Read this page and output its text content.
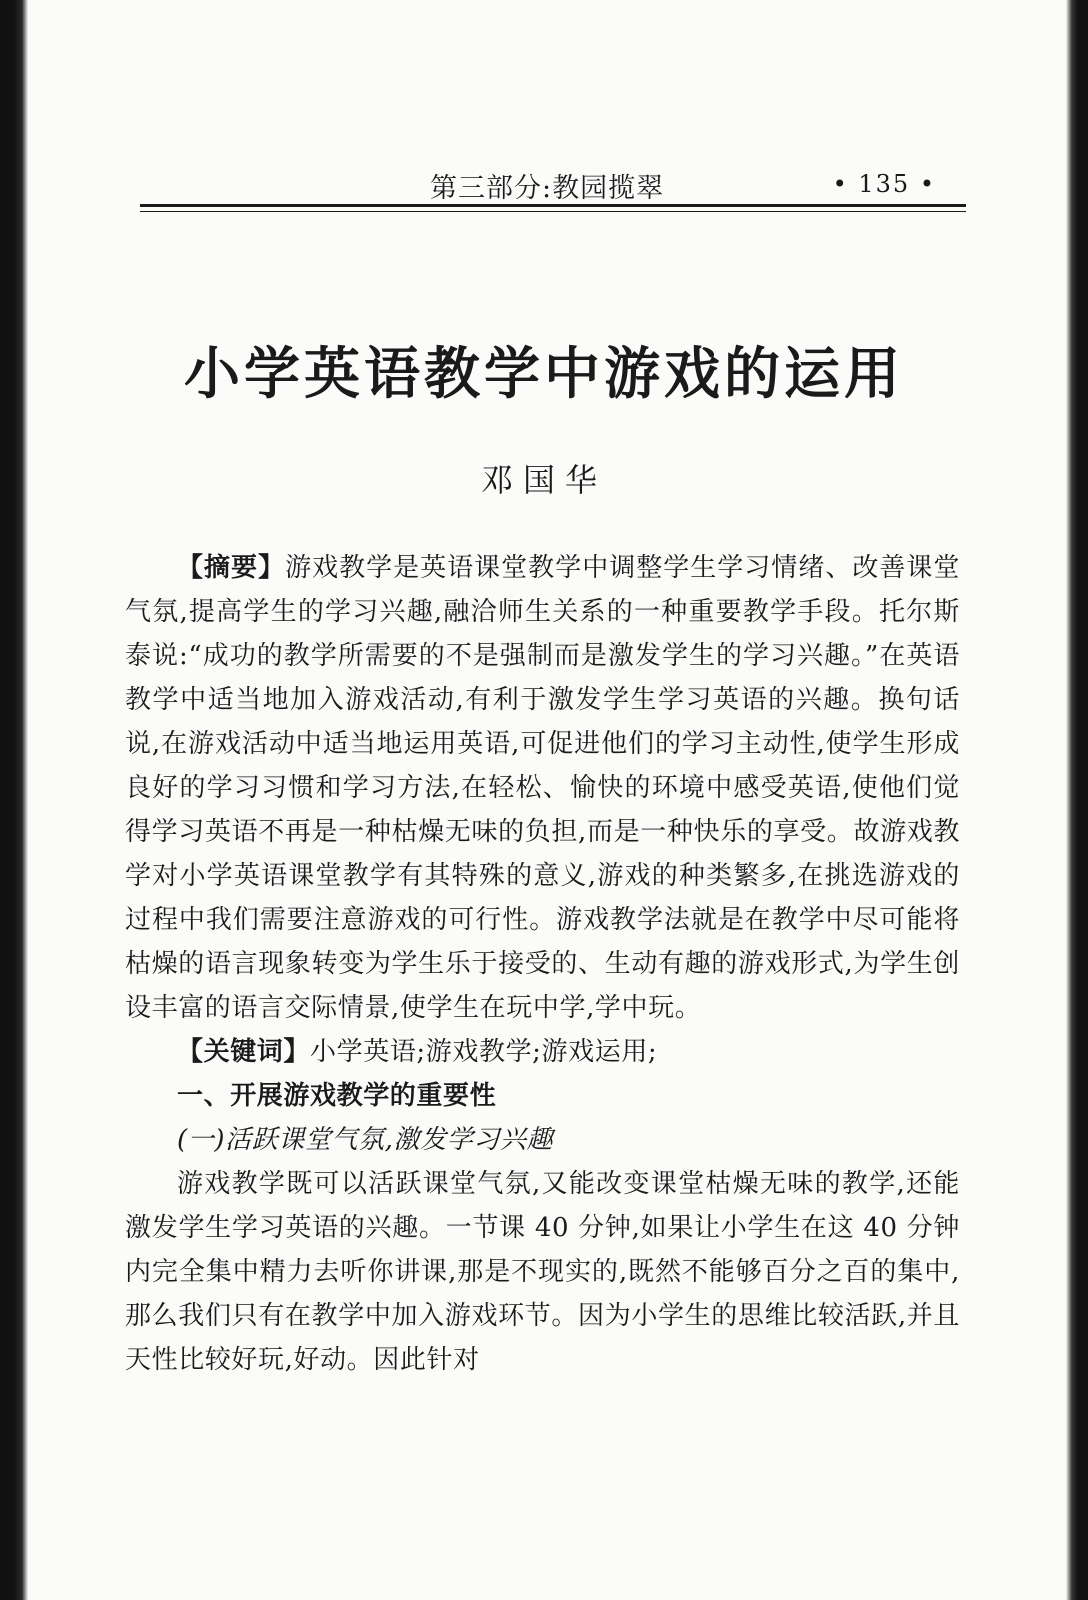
第三部分:教园揽翠	• 135 •
小学英语教学中游戏的运用
邓国华

【摘要】游戏教学是英语课堂教学中调整学生学习情绪、改善课堂气氛,提高学生的学习兴趣,融洽师生关系的一种重要教学手段。托尔斯泰说:“成功的教学所需要的不是强制而是激发学生的学习兴趣。”在英语教学中适当地加入游戏活动,有利于激发学生学习英语的兴趣。换句话说,在游戏活动中适当地运用英语,可促进他们的学习主动性,使学生形成良好的学习习惯和学习方法,在轻松、愉快的环境中感受英语,使他们觉得学习英语不再是一种枯燥无味的负担,而是一种快乐的享受。故游戏教学对小学英语课堂教学有其特殊的意义,游戏的种类繁多,在挑选游戏的过程中我们需要注意游戏的可行性。游戏教学法就是在教学中尽可能将枯燥的语言现象转变为学生乐于接受的、生动有趣的游戏形式,为学生创设丰富的语言交际情景,使学生在玩中学,学中玩。

【关键词】小学英语;游戏教学;游戏运用;

一、开展游戏教学的重要性

(一)活跃课堂气氛,激发学习兴趣

游戏教学既可以活跃课堂气氛,又能改变课堂枯燥无味的教学,还能激发学生学习英语的兴趣。一节课 40 分钟,如果让小学生在这 40 分钟内完全集中精力去听你讲课,那是不现实的,既然不能够百分之百的集中,那么我们只有在教学中加入游戏环节。因为小学生的思维比较活跃,并且天性比较好玩,好动。因此针对
